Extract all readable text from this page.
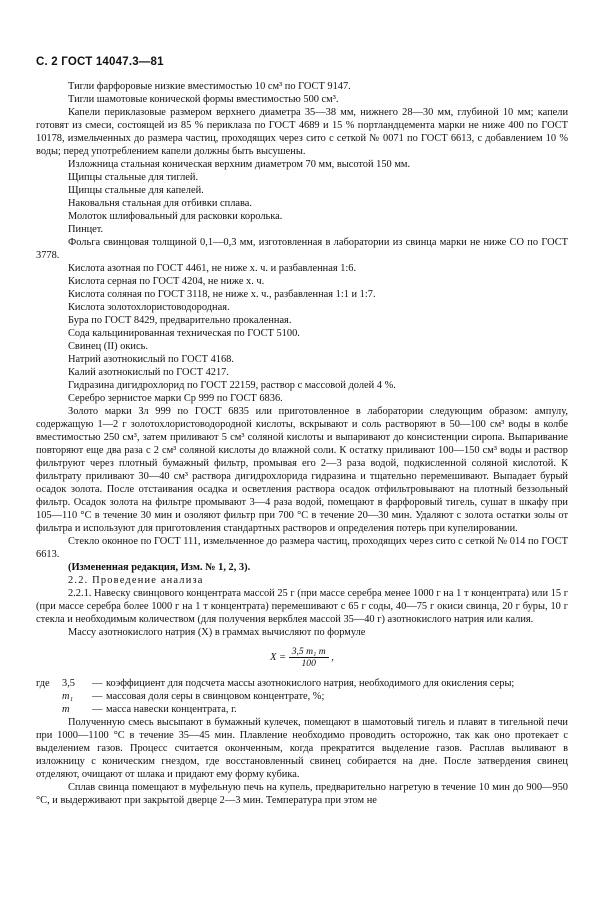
С. 2 ГОСТ 14047.3—81

Тигли фарфоровые низкие вместимостью 10 см³ по ГОСТ 9147.

Тигли шамотовые конической формы вместимостью 500 см³.

Капели периклазовые размером верхнего диаметра 35—38 мм, нижнего 28—30 мм, глубиной 10 мм; капели готовят из смеси, состоящей из 85 % периклаза по ГОСТ 4689 и 15 % портландцемента марки не ниже 400 по ГОСТ 10178, измельченных до размера частиц, проходящих через сито с сеткой № 0071 по ГОСТ 6613, с добавлением 10 % воды; перед употреблением капели должны быть высушены.

Изложница стальная коническая верхним диаметром 70 мм, высотой 150 мм.

Щипцы стальные для тиглей.

Щипцы стальные для капелей.

Наковальня стальная для отбивки сплава.

Молоток шлифовальный для расковки королька.

Пинцет.

Фольга свинцовая толщиной 0,1—0,3 мм, изготовленная в лаборатории из свинца марки не ниже СО по ГОСТ 3778.

Кислота азотная по ГОСТ 4461, не ниже х. ч. и разбавленная 1:6.

Кислота серная по ГОСТ 4204, не ниже х. ч.

Кислота соляная по ГОСТ 3118, не ниже х. ч., разбавленная 1:1 и 1:7.

Кислота золотохлористоводородная.

Бура по ГОСТ 8429, предварительно прокаленная.

Сода кальцинированная техническая по ГОСТ 5100.

Свинец (II) окись.

Натрий азотнокислый по ГОСТ 4168.

Калий азотнокислый по ГОСТ 4217.

Гидразина дигидрохлорид по ГОСТ 22159, раствор с массовой долей 4 %.

Серебро зернистое марки Ср 999 по ГОСТ 6836.

Золото марки Зл 999 по ГОСТ 6835 или приготовленное в лаборатории следующим образом: ампулу, содержащую 1—2 г золотохлористоводородной кислоты, вскрывают и соль растворяют в 50—100 см³ воды в колбе вместимостью 250 см³, затем приливают 5 см³ соляной кислоты и выпаривают до консистенции сиропа. Выпаривание повторяют еще два раза с 2 см³ соляной кислоты до влажной соли. К остатку приливают 100—150 см³ воды и раствор фильтруют через плотный бумажный фильтр, промывая его 2—3 раза водой, подкисленной соляной кислотой. К фильтрату приливают 30—40 см³ раствора дигидрохлорида гидразина и тщательно перемешивают. Выпадает бурый осадок золота. После отстаивания осадка и осветления раствора осадок отфильтровывают на плотный беззольный фильтр. Осадок золота на фильтре промывают 3—4 раза водой, помещают в фарфоровый тигель, сушат в шкафу при 105—110 °С в течение 30 мин и озоляют фильтр при 700 °С в течение 20—30 мин. Удаляют с золота остатки золы от фильтра и используют для приготовления стандартных растворов и определения потерь при купелировании.

Стекло оконное по ГОСТ 111, измельченное до размера частиц, проходящих через сито с сеткой № 014 по ГОСТ 6613.

(Измененная редакция, Изм. № 1, 2, 3).

2.2. Проведение анализа

2.2.1. Навеску свинцового концентрата массой 25 г (при массе серебра менее 1000 г на 1 т концентрата) или 15 г (при массе серебра более 1000 г на 1 т концентрата) перемешивают с 65 г соды, 40—75 г окиси свинца, 20 г буры, 10 г стекла и необходимым количеством (для получения веркблея массой 35—40 г) азотнокислого натрия или калия.

Массу азотнокислого натрия (X) в граммах вычисляют по формуле

$X = \frac{\text{3,5 m₁ m}}{100}$ ,
где	3,5	— коэффициент для подсчета массы азотнокислого натрия, необходимого для окисления серы;
m₁	— массовая доля серы в свинцовом концентрате, %;
m	— масса навески концентрата, г.

Полученную смесь высыпают в бумажный кулечек, помещают в шамотовый тигель и плавят в тигельной печи при 1000—1100 °С в течение 35—45 мин. Плавление необходимо проводить осторожно, так как оно протекает с выделением газов. Процесс считается оконченным, когда прекратится выделение газов. Расплав выливают в изложницу с коническим гнездом, где восстановленный свинец собирается на дне. После затвердения свинец отделяют, очищают от шлака и придают ему форму кубика.

Сплав свинца помещают в муфельную печь на купель, предварительно нагретую в течение 10 мин до 900—950 °С, и выдерживают при закрытой дверце 2—3 мин. Температура при этом не
